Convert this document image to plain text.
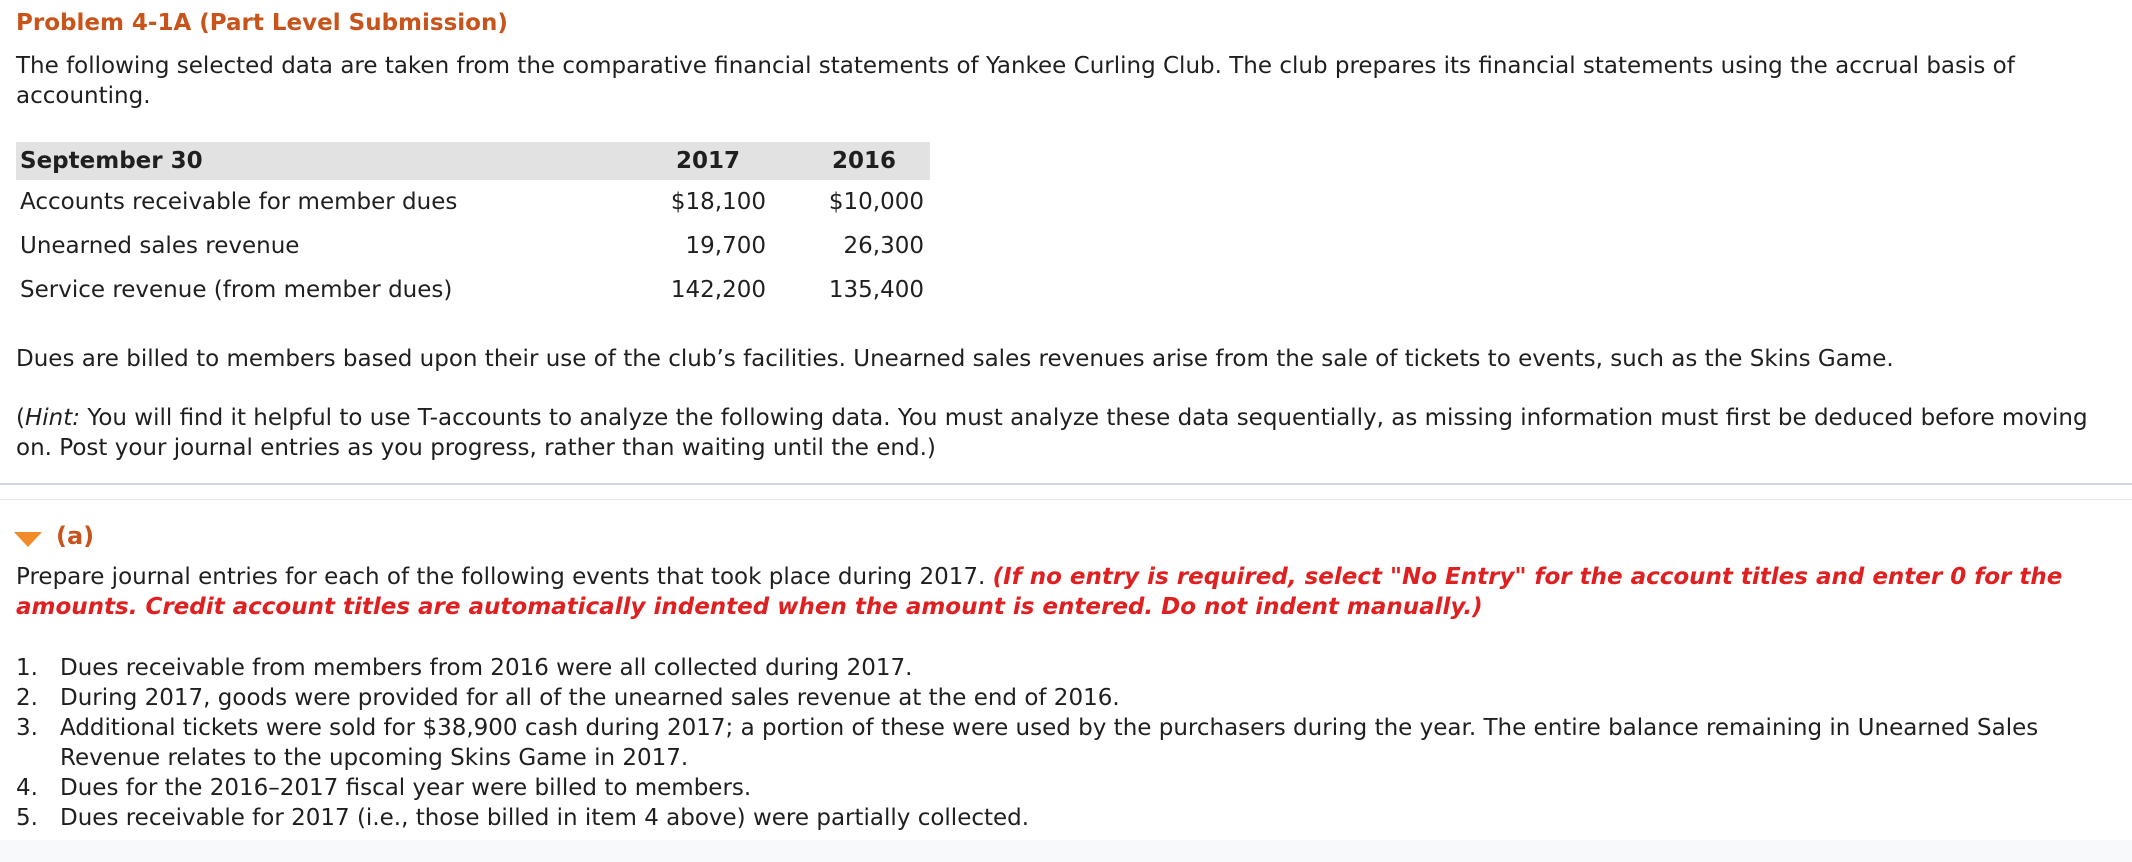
Problem 4-1A (Part Level Submission)

The following selected data are taken from the comparative financial statements of Yankee Curling Club. The club prepares its financial statements using the accrual basis of accounting.

September 30	2017	2016
Accounts receivable for member dues	$18,100	$10,000
Unearned sales revenue	19,700	26,300
Service revenue (from member dues)	142,200	135,400

Dues are billed to members based upon their use of the club’s facilities. Unearned sales revenues arise from the sale of tickets to events, such as the Skins Game.

(Hint: You will find it helpful to use T-accounts to analyze the following data. You must analyze these data sequentially, as missing information must first be deduced before moving on. Post your journal entries as you progress, rather than waiting until the end.)

(a)

Prepare journal entries for each of the following events that took place during 2017. (If no entry is required, select "No Entry" for the account titles and enter 0 for the amounts. Credit account titles are automatically indented when the amount is entered. Do not indent manually.)

1. Dues receivable from members from 2016 were all collected during 2017.
2. During 2017, goods were provided for all of the unearned sales revenue at the end of 2016.
3. Additional tickets were sold for $38,900 cash during 2017; a portion of these were used by the purchasers during the year. The entire balance remaining in Unearned Sales Revenue relates to the upcoming Skins Game in 2017.
4. Dues for the 2016–2017 fiscal year were billed to members.
5. Dues receivable for 2017 (i.e., those billed in item 4 above) were partially collected.
